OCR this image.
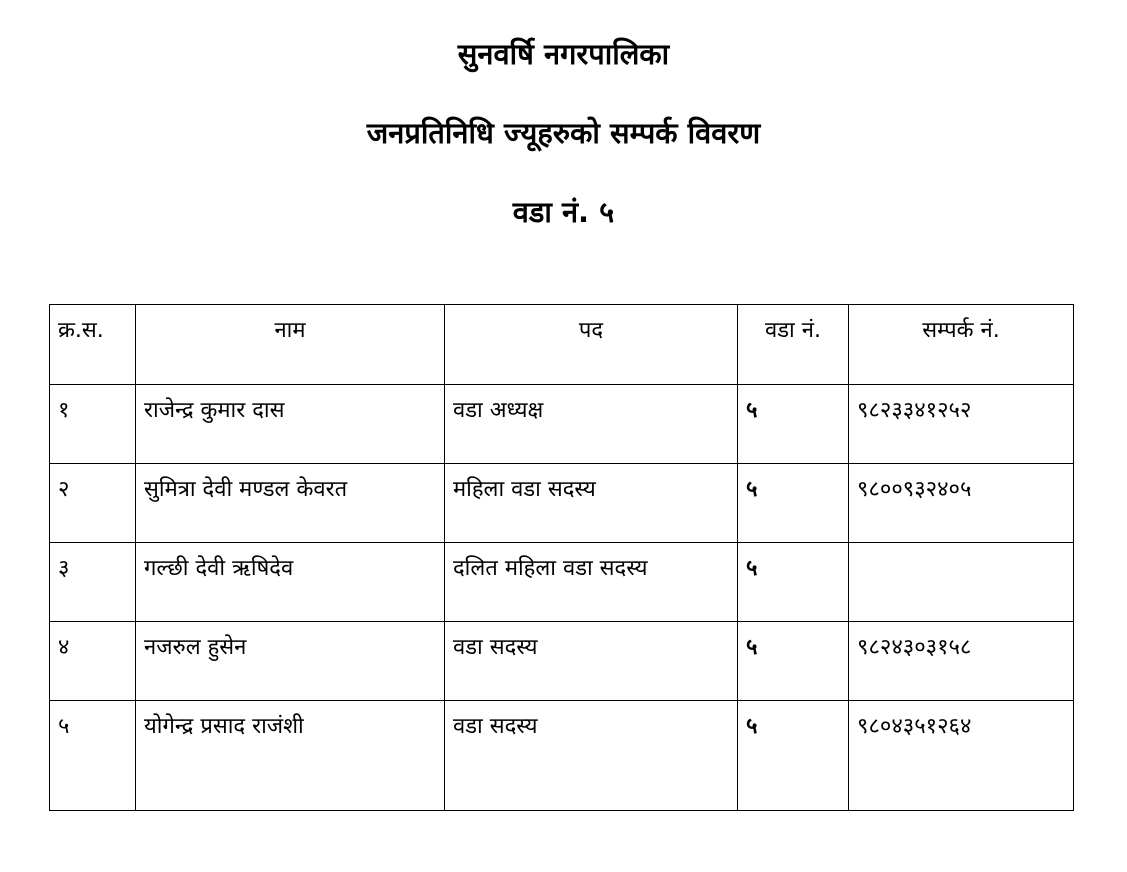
सुनवर्षि नगरपालिका
जनप्रतिनिधि ज्यूहरुको सम्पर्क विवरण
वडा नं. ५
क्र.स.	नाम	पद	वडा नं.	सम्पर्क नं.
१	राजेन्द्र कुमार दास	वडा अध्यक्ष	५	९८२३३४१२५२
२	सुमित्रा देवी मण्डल केवरत	महिला वडा सदस्य	५	९८००९३२४०५
३	गल्छी देवी ऋषिदेव	दलित महिला वडा सदस्य	५	
४	नजरुल हुसेन	वडा सदस्य	५	९८२४३०३१५८
५	योगेन्द्र प्रसाद राजंशी	वडा सदस्य	५	९८०४३५१२६४
